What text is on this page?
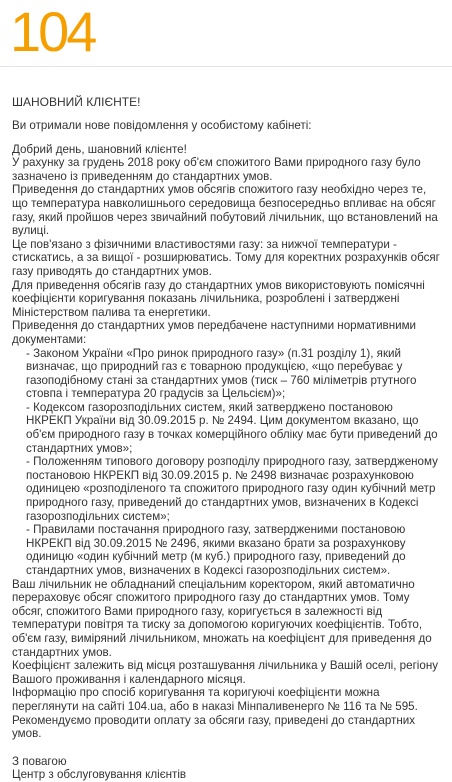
104
ШАНОВНИЙ КЛІЄНТЕ!
Ви отримали нове повідомлення у особистому кабінеті:

Добрий день, шановний клієнте!

У рахунку за грудень 2018 року об'єм спожитого Вами природного газу було зазначено із приведенням до стандартних умов.

Приведення до стандартних умов обсягів спожитого газу необхідно через те, що температура навколишнього середовища безпосередньо впливає на обсяг газу, який пройшов через звичайний побутовий лічильник, що встановлений на вулиці.

Це пов'язано з фізичними властивостями газу: за нижчої температури - стискатись, а за вищої - розширюватись. Тому для коректних розрахунків обсяг газу приводять до стандартних умов.

Для приведення обсягів газу до стандартних умов використовують помісячні коефіцієнти коригування показань лічильника, розроблені і затверджені Міністерством палива та енергетики.

Приведення до стандартних умов передбачене наступними нормативними документами:

- Законом України «Про ринок природного газу» (п.31 розділу 1), який визначає, що природний газ є товарною продукцією, «що перебуває у газоподібному стані за стандартних умов (тиск – 760 міліметрів ртутного стовпа і температура 20 градусів за Цельсієм)»;

- Кодексом газорозподільних систем, який затверджено постановою НКРЕКП України від 30.09.2015 р. № 2494. Цим документом вказано, що об'єм природного газу в точках комерційного обліку має бути приведений до стандартних умов»;

- Положенням типового договору розподілу природного газу, затвердженому постановою НКРЕКП від 30.09.2015 р. № 2498 визначає розрахунковою одиницею «розподіленого та спожитого природного газу один кубічний метр природного газу, приведений до стандартних умов, визначених в Кодексі газорозподільних систем»;

- Правилами постачання природного газу, затвердженими постановою НКРЕКП від 30.09.2015 № 2496, якими вказано брати за розрахункову одиницю «один кубічний метр (м куб.) природного газу, приведений до стандартних умов, визначених в Кодексі газорозподільних систем».

Ваш лічильник не обладнаний спеціальним коректором, який автоматично перераховує обсяг спожитого природного газу до стандартних умов. Тому обсяг, спожитого Вами природного газу, коригується в залежності від температури повітря та тиску за допомогою коригуючих коефіцієнтів. Тобто, об'єм газу, виміряний лічильником, множать на коефіцієнт для приведення до стандартних умов.

Коефіцієнт залежить від місця розташування лічильника у Вашій оселі, регіону Вашого проживання і календарного місяця.

Інформацію про спосіб коригування та коригуючі коефіцієнти можна переглянути на сайті 104.ua, або в наказі Мінпаливенерго № 116 та № 595.

Рекомендуємо проводити оплату за обсяги газу, приведені до стандартних умов.

З повагою
Центр з обслуговування клієнтів
